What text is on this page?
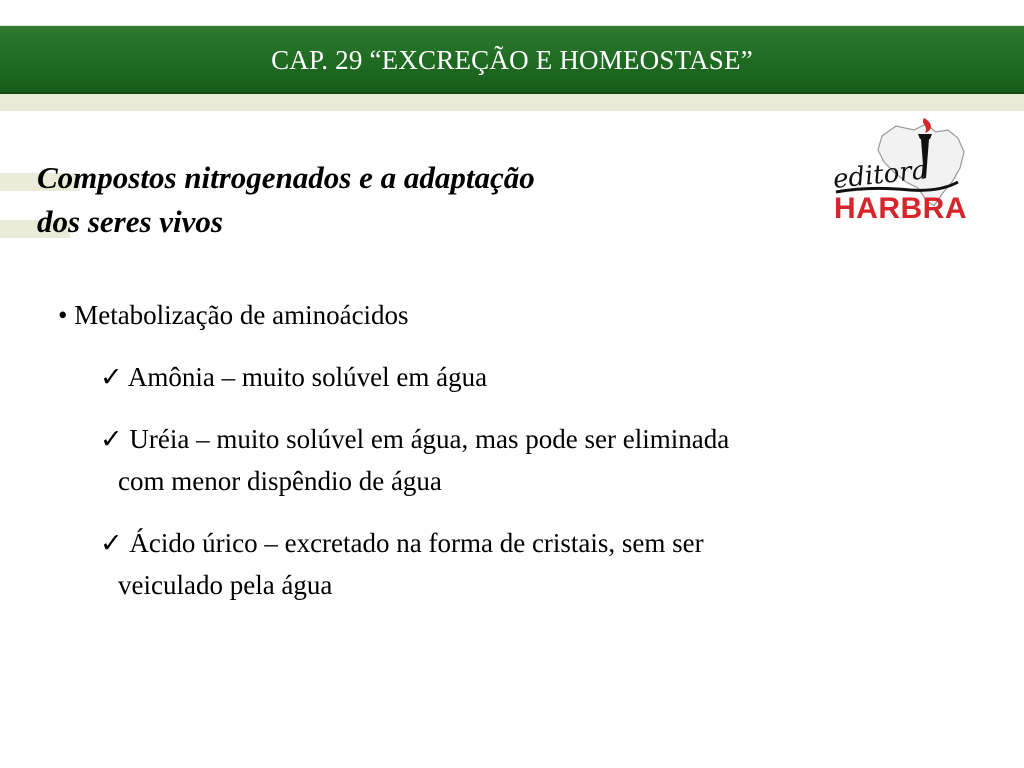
CAP. 29 “EXCREÇÃO E HOMEOSTASE”
Compostos nitrogenados e a adaptação
dos seres vivos
editora
HARBRA
• Metabolização de aminoácidos
✓ Amônia – muito solúvel em água
✓ Uréia – muito solúvel em água, mas pode ser eliminada
com menor dispêndio de água
✓ Ácido úrico – excretado na forma de cristais, sem ser
veiculado pela água
